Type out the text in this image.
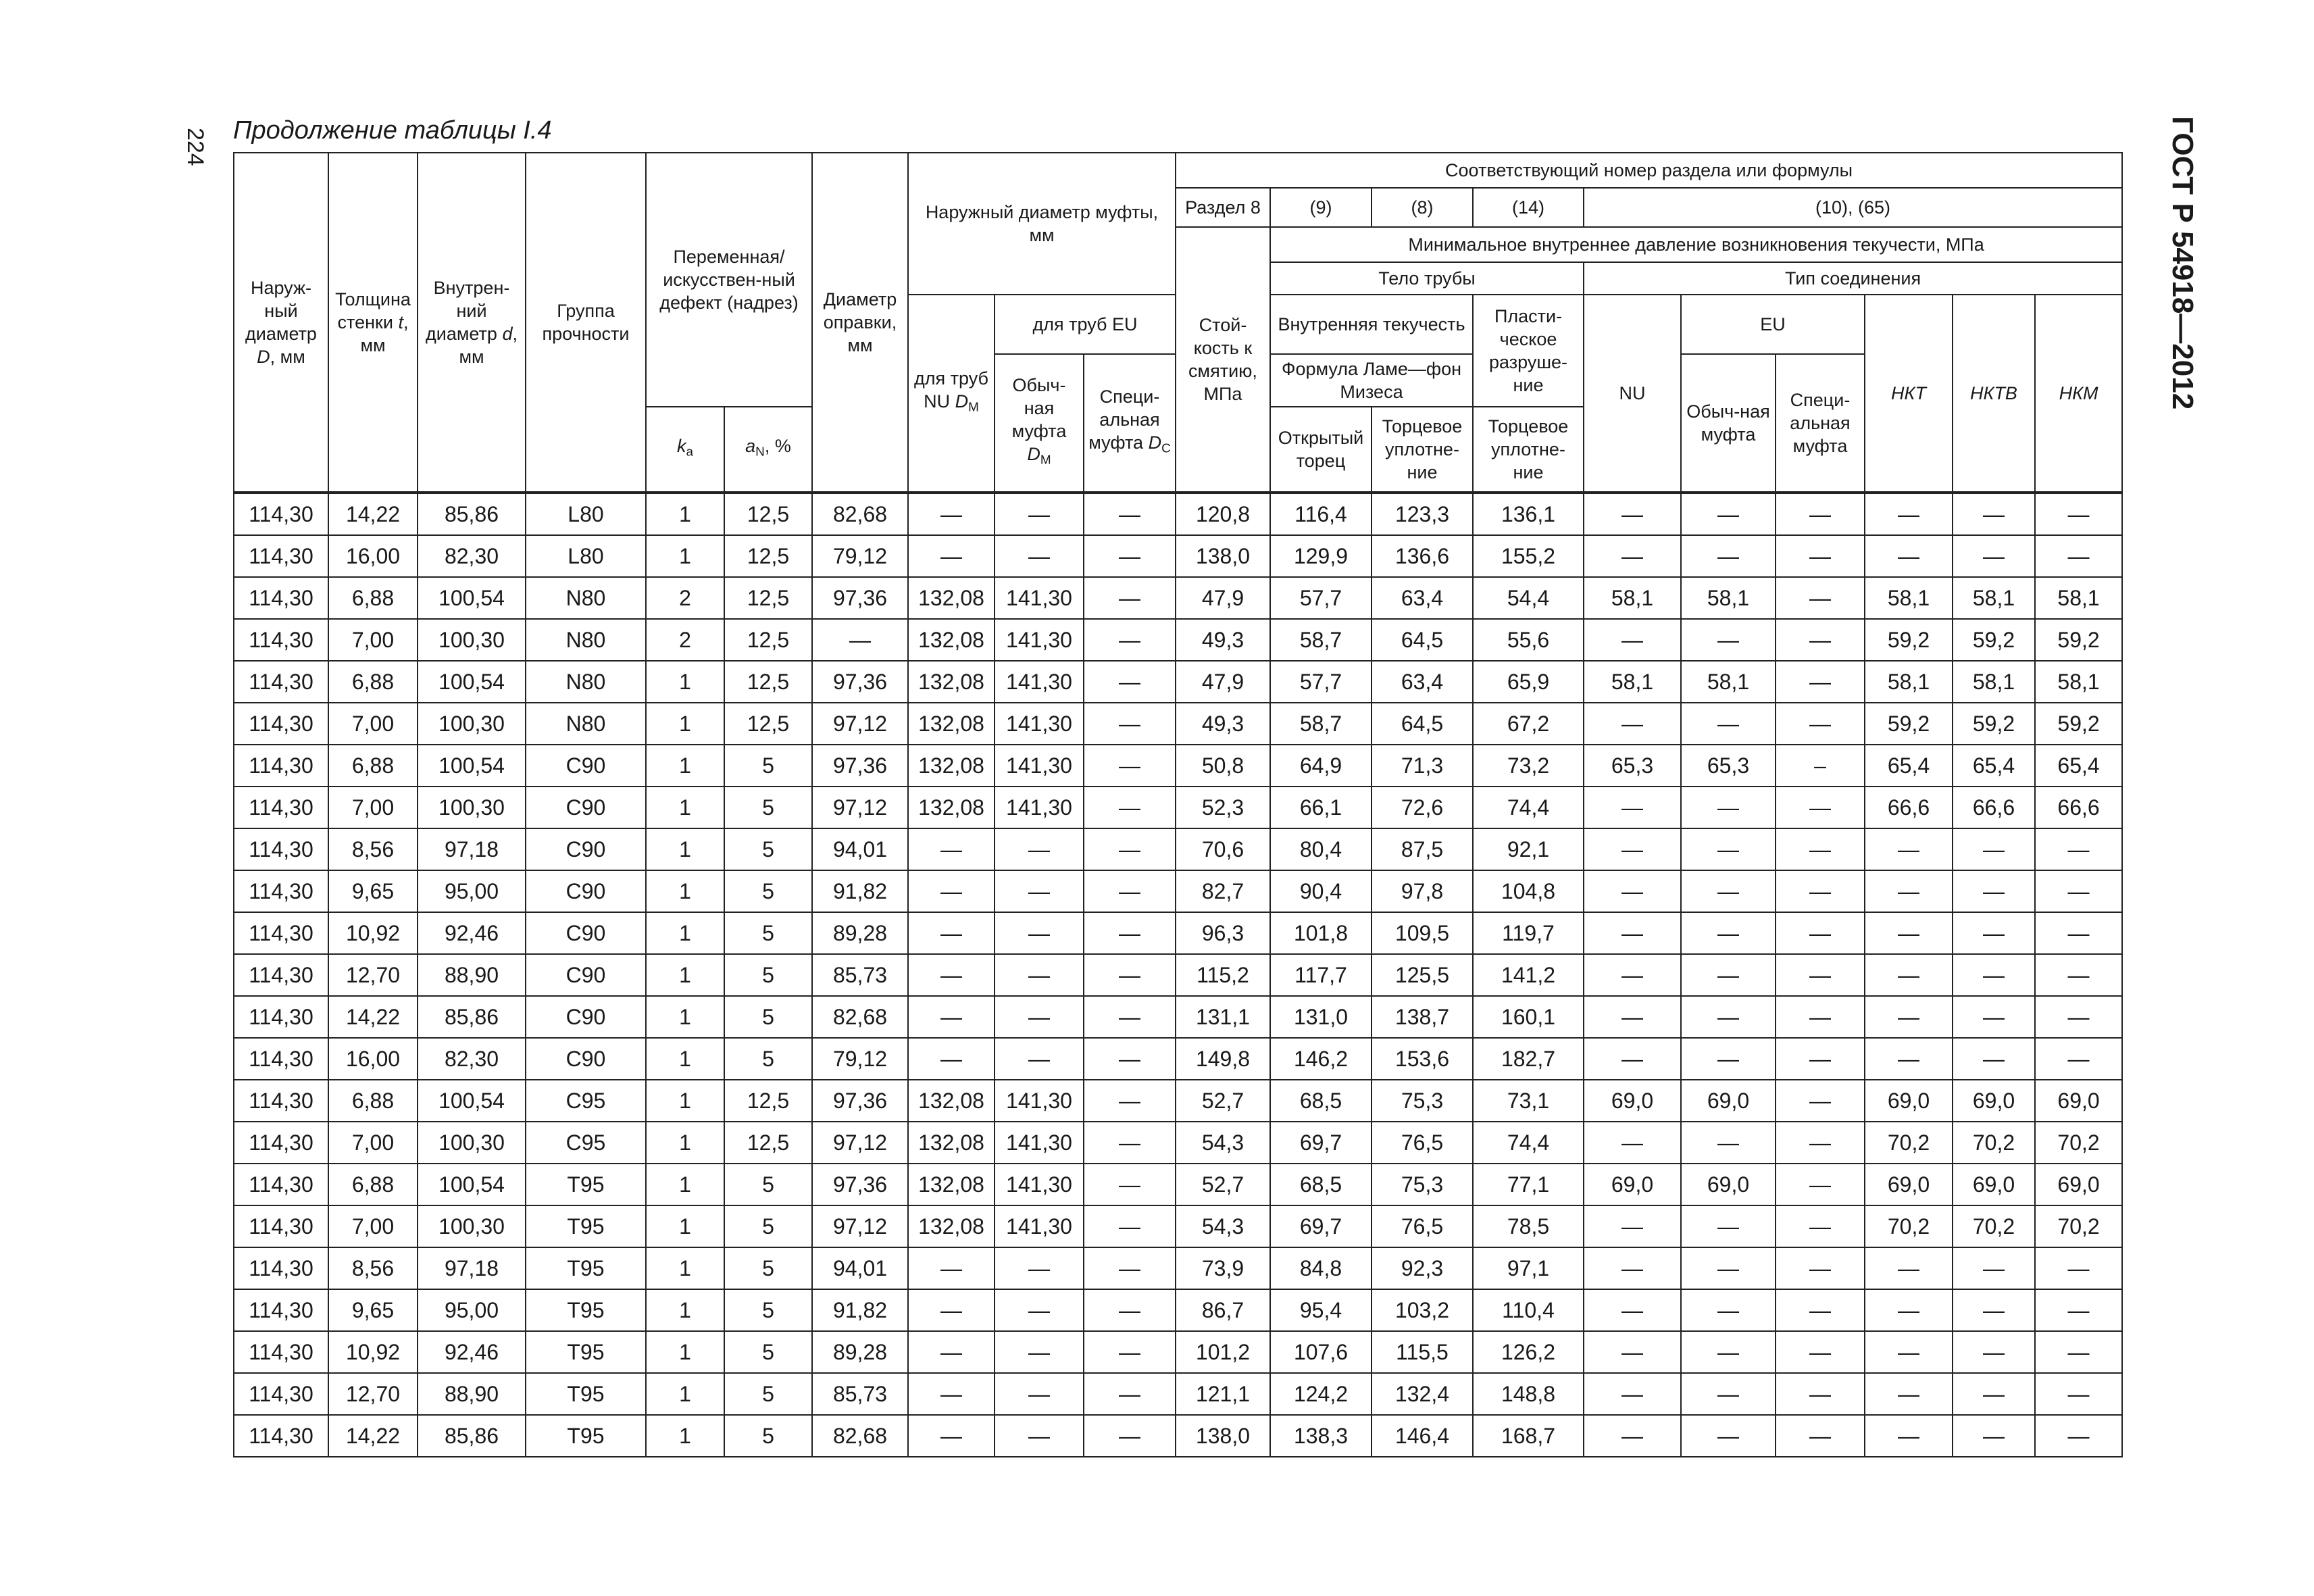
224 Продолжение таблицы I.4	ГОСТ Р 54918—2012
Наруж-ный диаметр D, мм	Толщина стенки t, мм	Внутрен-ний диаметр d, мм	Группа прочности	Переменная/ искусствен-ный дефект (надрез)		Диаметр оправки, мм	Наружный диаметр муфты, мм			Соответствующий номер раздела или формулы									
										Раздел 8	(9)	(8)	(14)	(10), (65)					
										Стой-кость к смятию, МПа	Минимальное внутреннее давление возникновения текучести, МПа								
											Тело трубы			Тип соединения					
							для труб NU $D_M$	для труб EU			Внутренняя текучесть		Пласти-ческое разруше-ние	NU	EU		НКТ	НКТВ	НКМ
								Обыч-ная муфта $D_M$	Специ-альная муфта $D_C$		Формула Ламе—фон Мизеса				Обыч-ная муфта	Специ-альная муфта			
				$k_a$	$a_N$, %						Открытый торец	Торцевое уплотне-ние	Торцевое уплотне-ние						
114,30	14,22	85,86	L80	1	12,5	82,68	—	—	—	120,8	116,4	123,3	136,1	—	—	—	—	—	—
114,30	16,00	82,30	L80	1	12,5	79,12	—	—	—	138,0	129,9	136,6	155,2	—	—	—	—	—	—
114,30	6,88	100,54	N80	2	12,5	97,36	132,08	141,30	—	47,9	57,7	63,4	54,4	58,1	58,1	—	58,1	58,1	58,1
114,30	7,00	100,30	N80	2	12,5	—	132,08	141,30	—	49,3	58,7	64,5	55,6	—	—	—	59,2	59,2	59,2
114,30	6,88	100,54	N80	1	12,5	97,36	132,08	141,30	—	47,9	57,7	63,4	65,9	58,1	58,1	—	58,1	58,1	58,1
114,30	7,00	100,30	N80	1	12,5	97,12	132,08	141,30	—	49,3	58,7	64,5	67,2	—	—	—	59,2	59,2	59,2
114,30	6,88	100,54	C90	1	5	97,36	132,08	141,30	—	50,8	64,9	71,3	73,2	65,3	65,3	–	65,4	65,4	65,4
114,30	7,00	100,30	C90	1	5	97,12	132,08	141,30	—	52,3	66,1	72,6	74,4	—	—	—	66,6	66,6	66,6
114,30	8,56	97,18	C90	1	5	94,01	—	—	—	70,6	80,4	87,5	92,1	—	—	—	—	—	—
114,30	9,65	95,00	C90	1	5	91,82	—	—	—	82,7	90,4	97,8	104,8	—	—	—	—	—	—
114,30	10,92	92,46	C90	1	5	89,28	—	—	—	96,3	101,8	109,5	119,7	—	—	—	—	—	—
114,30	12,70	88,90	C90	1	5	85,73	—	—	—	115,2	117,7	125,5	141,2	—	—	—	—	—	—
114,30	14,22	85,86	C90	1	5	82,68	—	—	—	131,1	131,0	138,7	160,1	—	—	—	—	—	—
114,30	16,00	82,30	C90	1	5	79,12	—	—	—	149,8	146,2	153,6	182,7	—	—	—	—	—	—
114,30	6,88	100,54	C95	1	12,5	97,36	132,08	141,30	—	52,7	68,5	75,3	73,1	69,0	69,0	—	69,0	69,0	69,0
114,30	7,00	100,30	C95	1	12,5	97,12	132,08	141,30	—	54,3	69,7	76,5	74,4	—	—	—	70,2	70,2	70,2
114,30	6,88	100,54	T95	1	5	97,36	132,08	141,30	—	52,7	68,5	75,3	77,1	69,0	69,0	—	69,0	69,0	69,0
114,30	7,00	100,30	T95	1	5	97,12	132,08	141,30	—	54,3	69,7	76,5	78,5	—	—	—	70,2	70,2	70,2
114,30	8,56	97,18	T95	1	5	94,01	—	—	—	73,9	84,8	92,3	97,1	—	—	—	—	—	—
114,30	9,65	95,00	T95	1	5	91,82	—	—	—	86,7	95,4	103,2	110,4	—	—	—	—	—	—
114,30	10,92	92,46	T95	1	5	89,28	—	—	—	101,2	107,6	115,5	126,2	—	—	—	—	—	—
114,30	12,70	88,90	T95	1	5	85,73	—	—	—	121,1	124,2	132,4	148,8	—	—	—	—	—	—
114,30	14,22	85,86	T95	1	5	82,68	—	—	—	138,0	138,3	146,4	168,7	—	—	—	—	—	—
